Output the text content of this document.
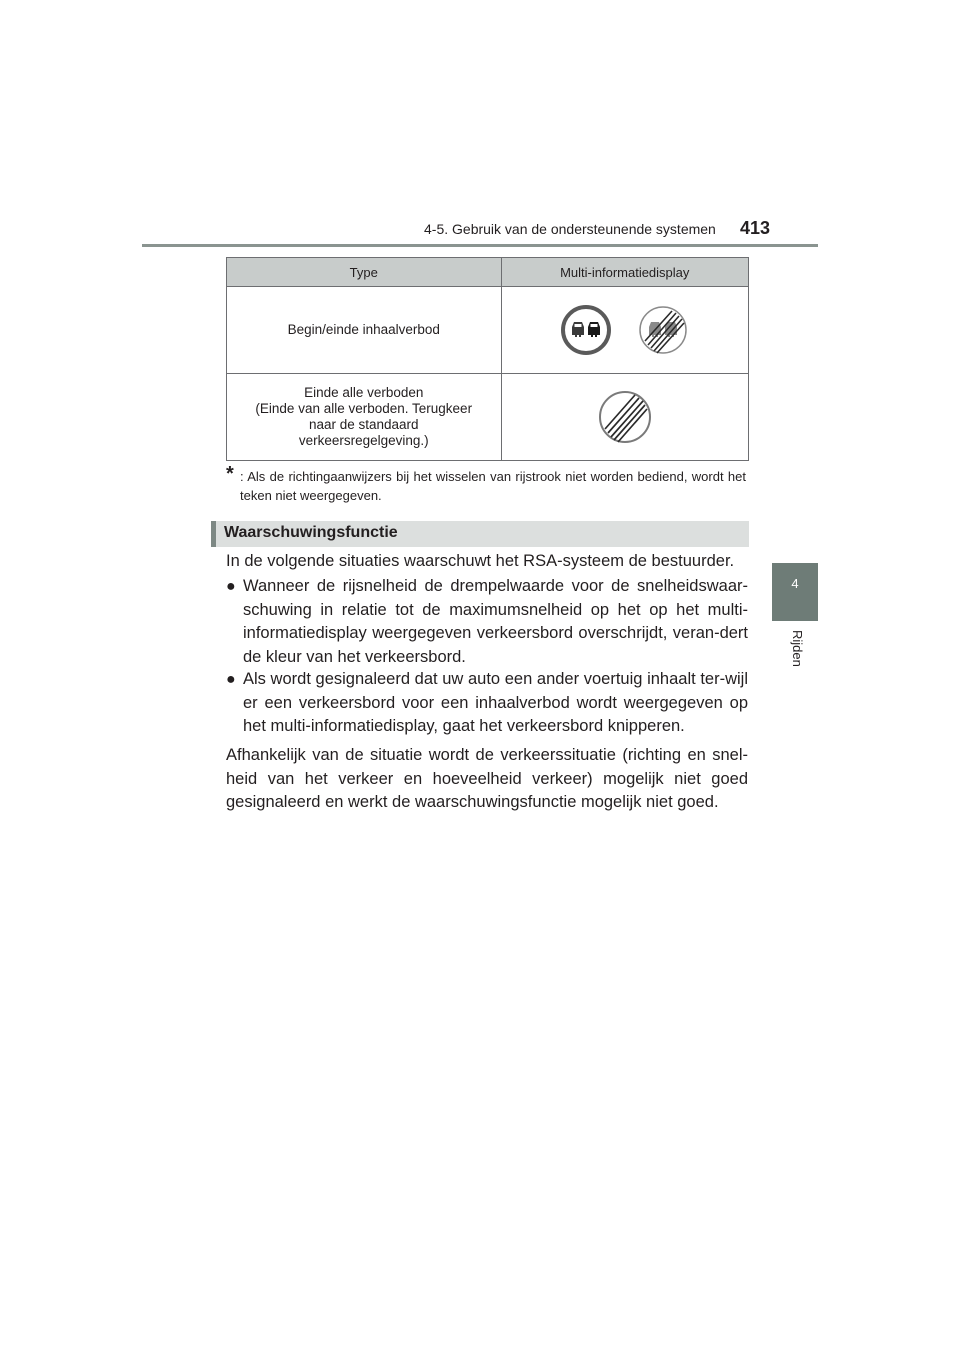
4-5. Gebruik van de ondersteunende systemen 413
4
Rijden
Type	Multi-informatiedisplay
Begin/einde inhaalverbod	

Einde alle verboden
(Einde van alle verboden. Terugkeer
naar de standaard
verkeersregelgeving.)

* : Als de richtingaanwijzers bij het wisselen van rijstrook niet worden bediend, wordt het teken niet weergegeven.
Waarschuwingsfunctie
In de volgende situaties waarschuwt het RSA-systeem de bestuurder.
● Wanneer de rijsnelheid de drempelwaarde voor de snelheidswaar-schuwing in relatie tot de maximumsnelheid op het op het multi-informatiedisplay weergegeven verkeersbord overschrijdt, veran-dert de kleur van het verkeersbord.
● Als wordt gesignaleerd dat uw auto een ander voertuig inhaalt ter-wijl er een verkeersbord voor een inhaalverbod wordt weergegeven op het multi-informatiedisplay, gaat het verkeersbord knipperen.
Afhankelijk van de situatie wordt de verkeerssituatie (richting en snel-heid van het verkeer en hoeveelheid verkeer) mogelijk niet goed gesignaleerd en werkt de waarschuwingsfunctie mogelijk niet goed.
